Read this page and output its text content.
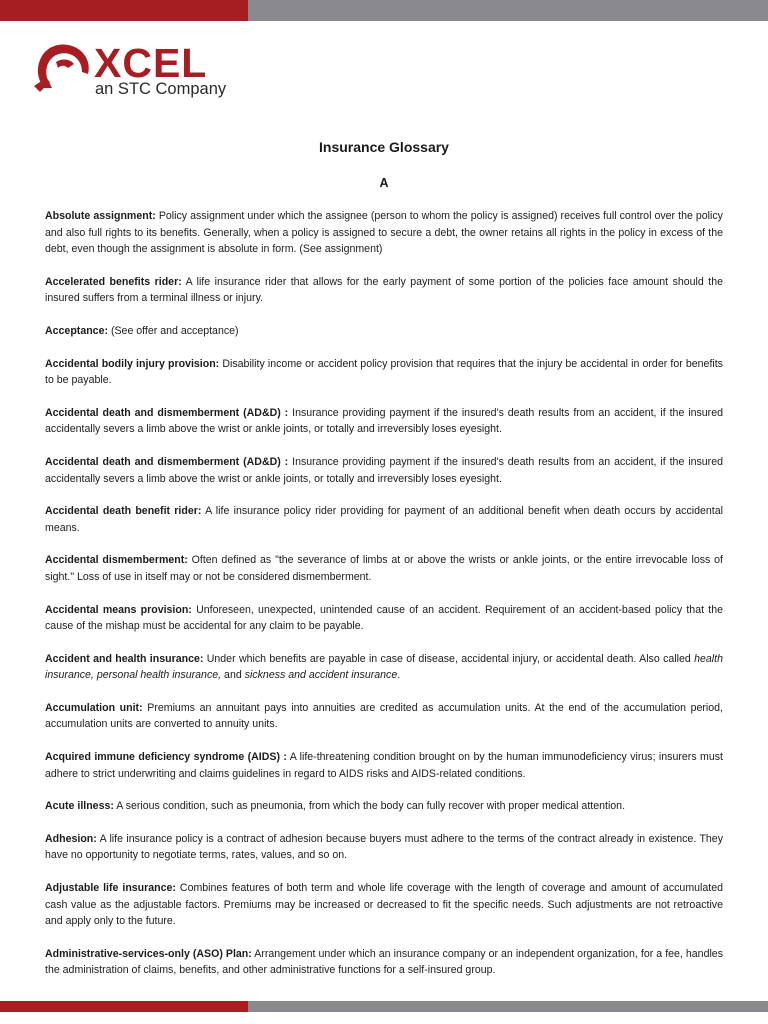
XCEL
an STC Company
Insurance Glossary
A

Absolute assignment: Policy assignment under which the assignee (person to whom the policy is assigned) receives full control over the policy and also full rights to its benefits. Generally, when a policy is assigned to secure a debt, the owner retains all rights in the policy in excess of the debt, even though the assignment is absolute in form. (See assignment)

Accelerated benefits rider: A life insurance rider that allows for the early payment of some portion of the policies face amount should the insured suffers from a terminal illness or injury.

Acceptance: (See offer and acceptance)

Accidental bodily injury provision: Disability income or accident policy provision that requires that the injury be accidental in order for benefits to be payable.

Accidental death and dismemberment (AD&D) : Insurance providing payment if the insured's death results from an accident, if the insured accidentally severs a limb above the wrist or ankle joints, or totally and irreversibly loses eyesight.

Accidental death and dismemberment (AD&D) : Insurance providing payment if the insured's death results from an accident, if the insured accidentally severs a limb above the wrist or ankle joints, or totally and irreversibly loses eyesight.

Accidental death benefit rider: A life insurance policy rider providing for payment of an additional benefit when death occurs by accidental means.

Accidental dismemberment: Often defined as "the severance of limbs at or above the wrists or ankle joints, or the entire irrevocable loss of sight." Loss of use in itself may or not be considered dismemberment.

Accidental means provision: Unforeseen, unexpected, unintended cause of an accident. Requirement of an accident-based policy that the cause of the mishap must be accidental for any claim to be payable.

Accident and health insurance: Under which benefits are payable in case of disease, accidental injury, or accidental death. Also called health insurance, personal health insurance, and sickness and accident insurance.

Accumulation unit: Premiums an annuitant pays into annuities are credited as accumulation units. At the end of the accumulation period, accumulation units are converted to annuity units.

Acquired immune deficiency syndrome (AIDS) : A life-threatening condition brought on by the human immunodeficiency virus; insurers must adhere to strict underwriting and claims guidelines in regard to AIDS risks and AIDS-related conditions.

Acute illness: A serious condition, such as pneumonia, from which the body can fully recover with proper medical attention.

Adhesion: A life insurance policy is a contract of adhesion because buyers must adhere to the terms of the contract already in existence. They have no opportunity to negotiate terms, rates, values, and so on.

Adjustable life insurance: Combines features of both term and whole life coverage with the length of coverage and amount of accumulated cash value as the adjustable factors. Premiums may be increased or decreased to fit the specific needs. Such adjustments are not retroactive and apply only to the future.

Administrative-services-only (ASO) Plan: Arrangement under which an insurance company or an independent organization, for a fee, handles the administration of claims, benefits, and other administrative functions for a self-insured group.
